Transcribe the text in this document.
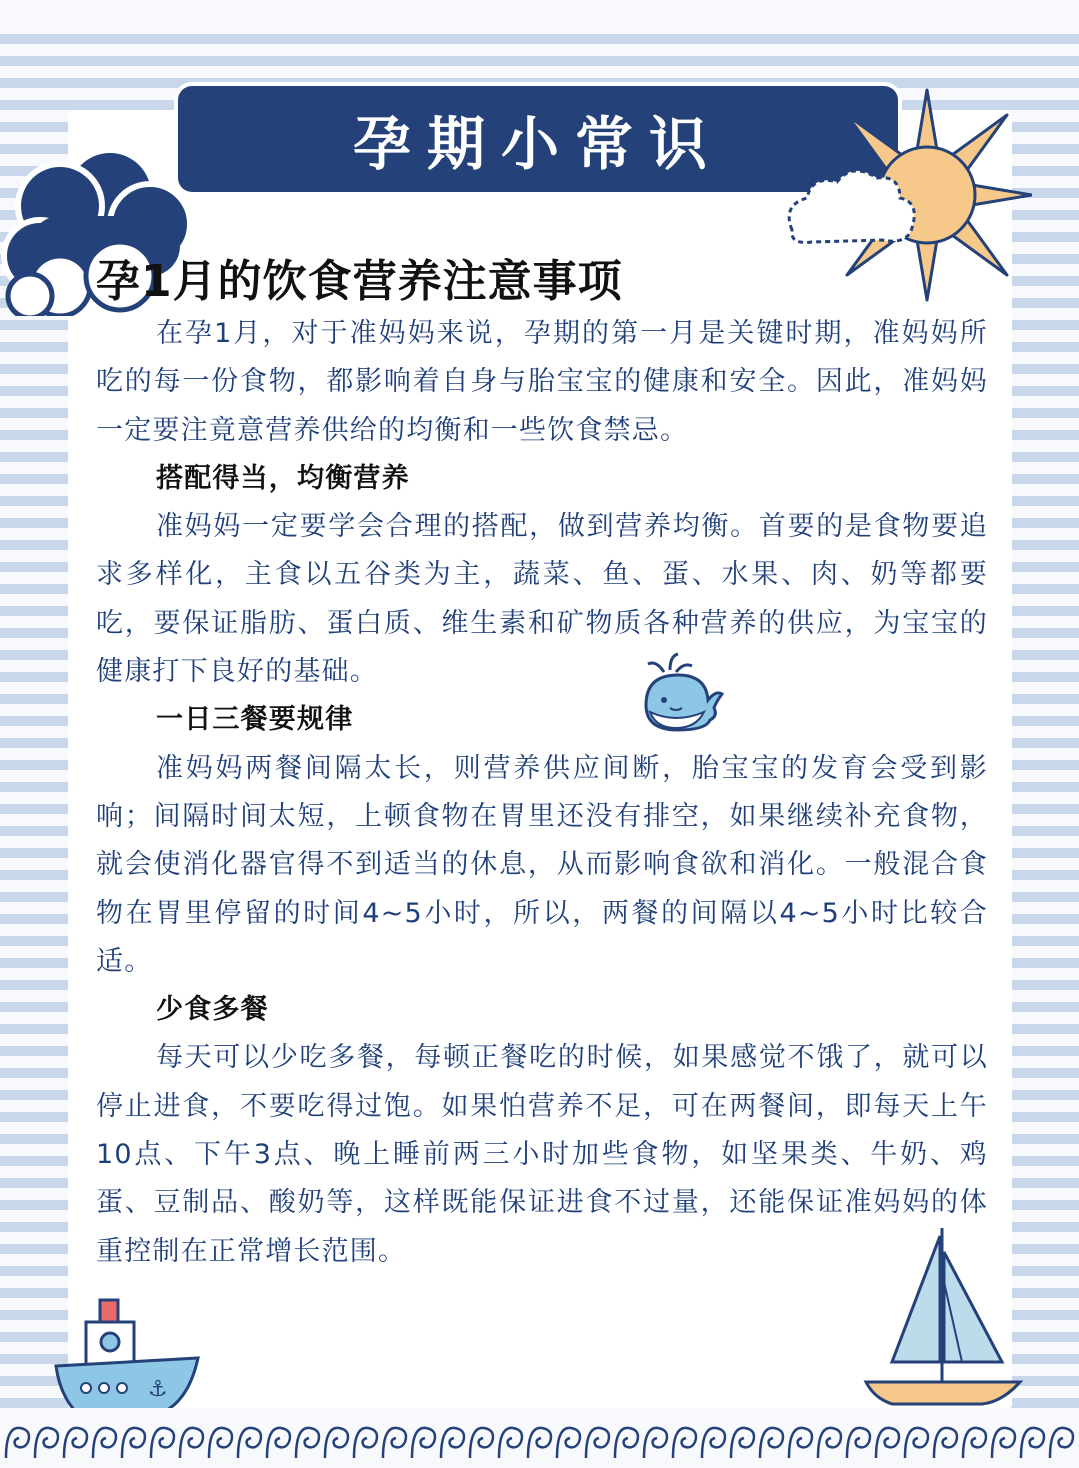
孕期小常识
孕1月的饮食营养注意事项

在孕1月，对于准妈妈来说，孕期的第一月是关键时期，准妈妈所吃的每一份食物，都影响着自身与胎宝宝的健康和安全。因此，准妈妈一定要注竟意营养供给的均衡和一些饮食禁忌。

搭配得当，均衡营养

准妈妈一定要学会合理的搭配，做到营养均衡。首要的是食物要追求多样化，主食以五谷类为主，蔬菜、鱼、蛋、水果、肉、奶等都要吃，要保证脂肪、蛋白质、维生素和矿物质各种营养的供应，为宝宝的健康打下良好的基础。

一日三餐要规律

准妈妈两餐间隔太长，则营养供应间断，胎宝宝的发育会受到影响；间隔时间太短，上顿食物在胃里还没有排空，如果继续补充食物，就会使消化器官得不到适当的休息，从而影响食欲和消化。一般混合食物在胃里停留的时间4~5小时，所以，两餐的间隔以4~5小时比较合适。

少食多餐

每天可以少吃多餐，每顿正餐吃的时候，如果感觉不饿了，就可以停止进食，不要吃得过饱。如果怕营养不足，可在两餐间，即每天上午10点、下午3点、晚上睡前两三小时加些食物，如坚果类、牛奶、鸡蛋、豆制品、酸奶等，这样既能保证进食不过量，还能保证准妈妈的体重控制在正常增长范围。

⚓
